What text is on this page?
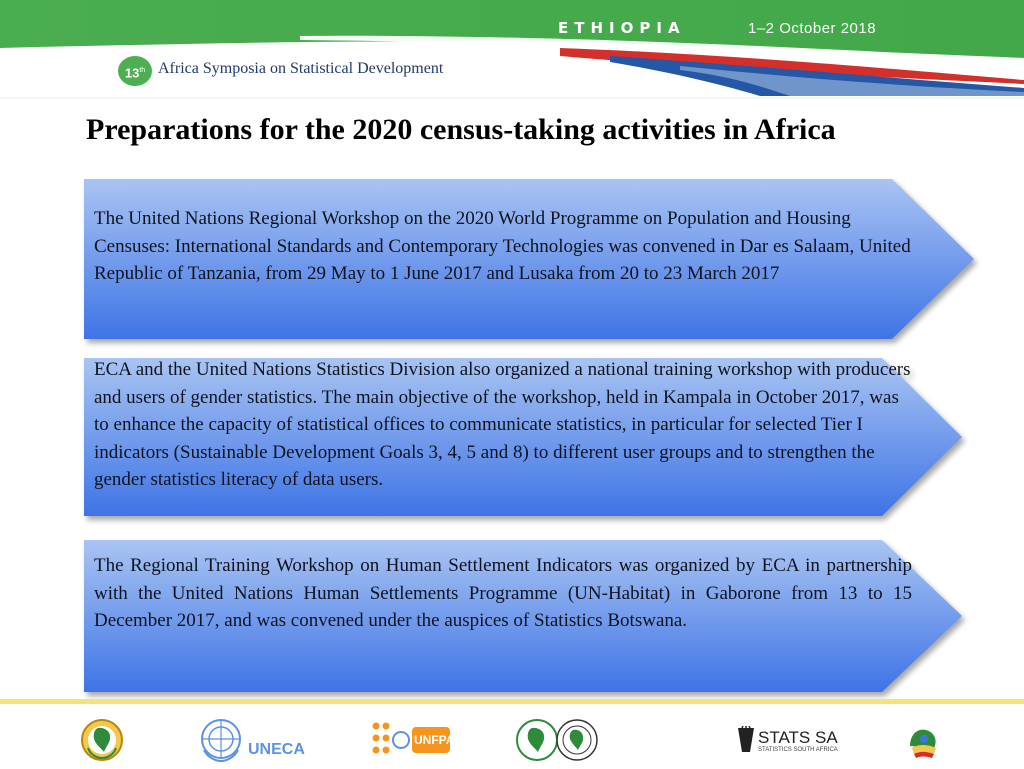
ETHIOPIA	1–2 October 2018
13th Africa Symposia on Statistical Development
Preparations for the 2020 census-taking activities in Africa

The United Nations Regional Workshop on the 2020 World Programme on Population and Housing Censuses: International Standards and Contemporary Technologies was convened in Dar es Salaam, United Republic of Tanzania, from 29 May to 1 June 2017 and Lusaka from 20 to 23 March 2017

ECA and the United Nations Statistics Division also organized a national training workshop with producers and users of gender statistics. The main objective of the workshop, held in Kampala in October 2017, was to enhance the capacity of statistical offices to communicate statistics, in particular for selected Tier I indicators (Sustainable Development Goals 3, 4, 5 and 8) to different user groups and to strengthen the gender statistics literacy of data users.

The Regional Training Workshop on Human Settlement Indicators was organized by ECA in partnership with the United Nations Human Settlements Programme (UN-Habitat) in Gaborone from 13 to 15 December 2017, and was convened under the auspices of Statistics Botswana.

UNECA
UNFPA	STATS SA
STATISTICS SOUTH AFRICA
